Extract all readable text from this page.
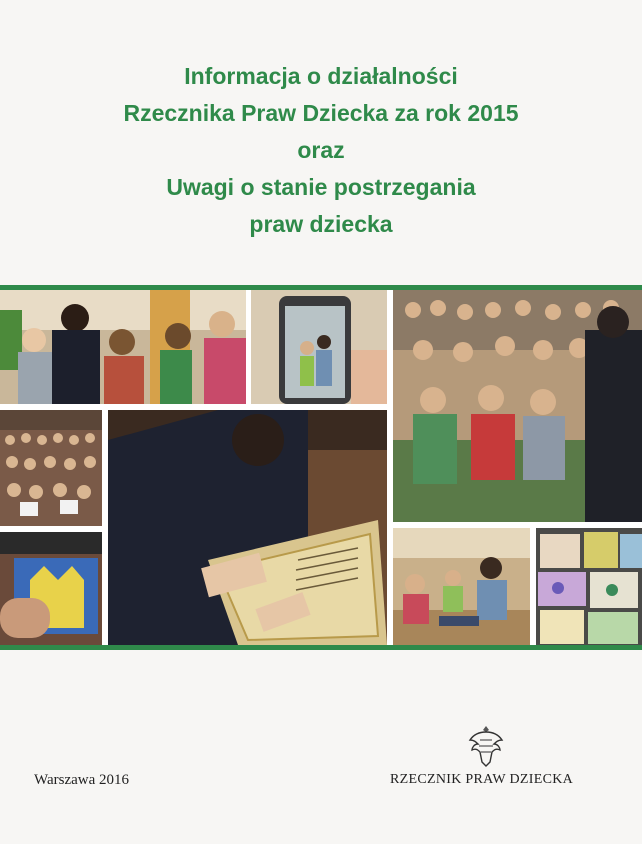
Informacja o działalności
Rzecznika Praw Dziecka za rok 2015
oraz
Uwagi o stanie postrzegania
praw dziecka
Warszawa 2016	RZECZNIK PRAW DZIECKA
